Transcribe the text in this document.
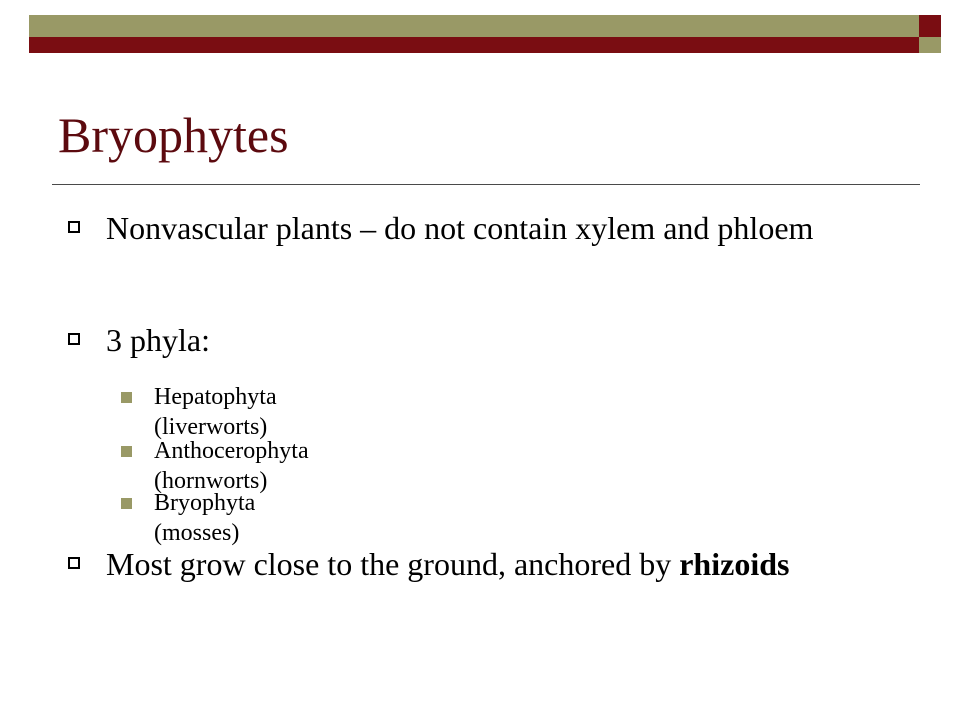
Bryophytes
Nonvascular plants – do not contain xylem and phloem
3 phyla:
Hepatophyta (liverworts)
Anthocerophyta (hornworts)
Bryophyta (mosses)
Most grow close to the ground, anchored by rhizoids
